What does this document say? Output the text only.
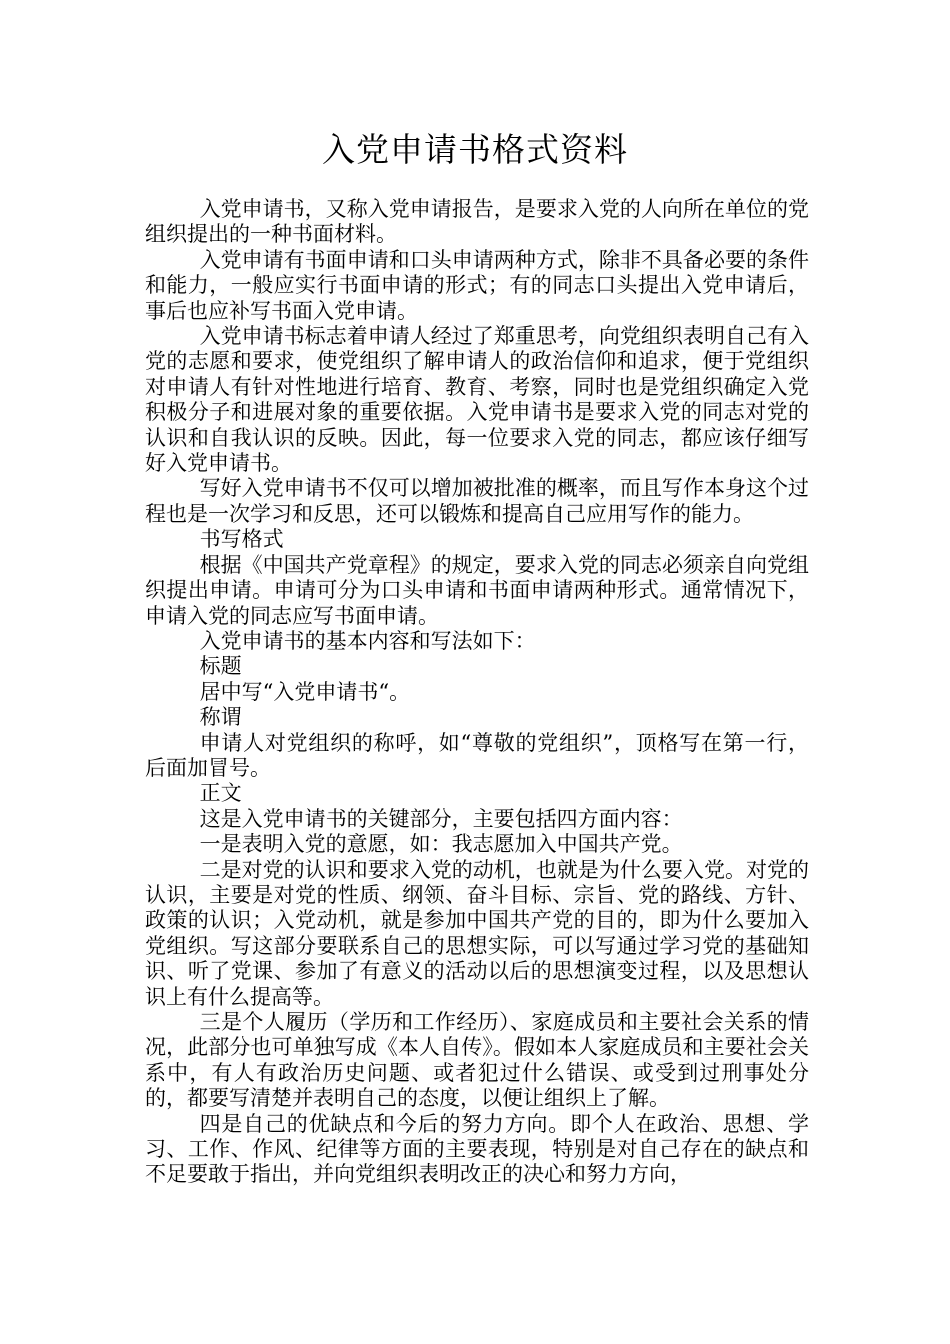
入党申请书格式资料

入党申请书，又称入党申请报告，是要求入党的人向所在单位的党组织提出的一种书面材料。

入党申请有书面申请和口头申请两种方式，除非不具备必要的条件和能力，一般应实行书面申请的形式；有的同志口头提出入党申请后，事后也应补写书面入党申请。

入党申请书标志着申请人经过了郑重思考，向党组织表明自己有入党的志愿和要求，使党组织了解申请人的政治信仰和追求，便于党组织对申请人有针对性地进行培育、教育、考察，同时也是党组织确定入党积极分子和进展对象的重要依据。入党申请书是要求入党的同志对党的认识和自我认识的反映。因此，每一位要求入党的同志，都应该仔细写好入党申请书。

写好入党申请书不仅可以增加被批准的概率，而且写作本身这个过程也是一次学习和反思，还可以锻炼和提高自己应用写作的能力。

书写格式

根据《中国共产党章程》的规定，要求入党的同志必须亲自向党组织提出申请。申请可分为口头申请和书面申请两种形式。通常情况下，申请入党的同志应写书面申请。

入党申请书的基本内容和写法如下：

标题

居中写“入党申请书“。

称谓

申请人对党组织的称呼，如“尊敬的党组织”，顶格写在第一行，后面加冒号。

正文

这是入党申请书的关键部分，主要包括四方面内容：

一是表明入党的意愿，如：我志愿加入中国共产党。

二是对党的认识和要求入党的动机，也就是为什么要入党。对党的认识，主要是对党的性质、纲领、奋斗目标、宗旨、党的路线、方针、政策的认识；入党动机，就是参加中国共产党的目的，即为什么要加入党组织。写这部分要联系自己的思想实际，可以写通过学习党的基础知识、听了党课、参加了有意义的活动以后的思想演变过程，以及思想认识上有什么提高等。

三是个人履历（学历和工作经历）、家庭成员和主要社会关系的情况，此部分也可单独写成《本人自传》。假如本人家庭成员和主要社会关系中，有人有政治历史问题、或者犯过什么错误、或受到过刑事处分的，都要写清楚并表明自己的态度，以便让组织上了解。

四是自己的优缺点和今后的努力方向。即个人在政治、思想、学习、工作、作风、纪律等方面的主要表现，特别是对自己存在的缺点和不足要敢于指出，并向党组织表明改正的决心和努力方向，
